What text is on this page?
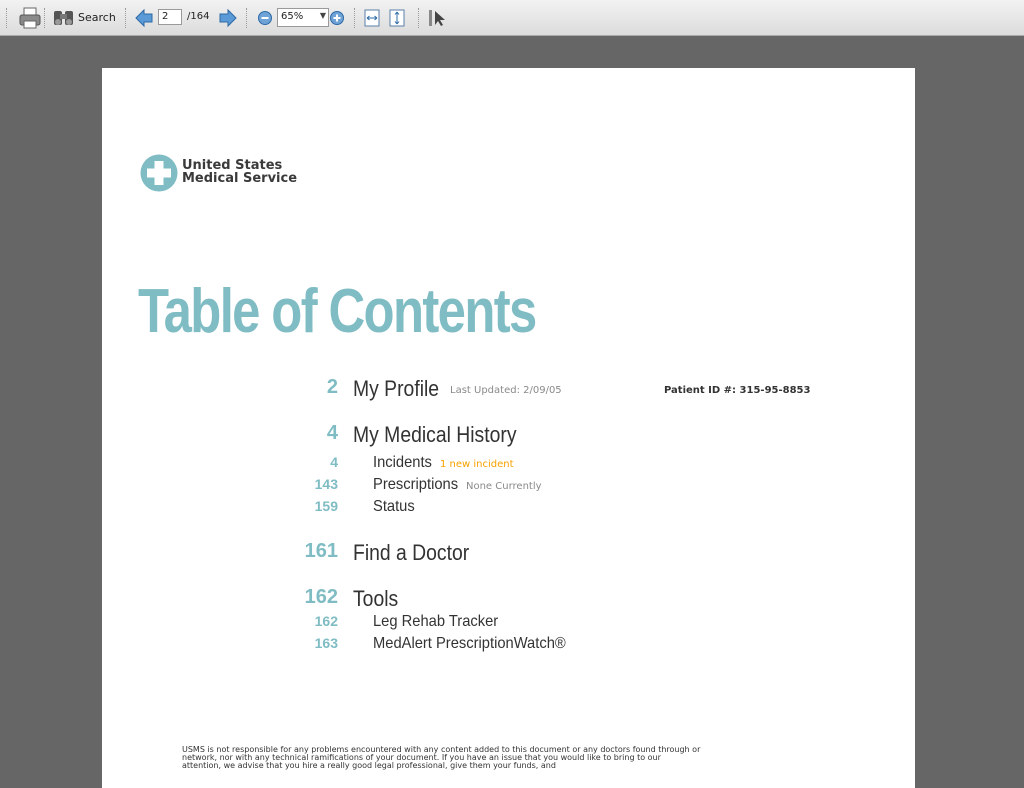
Search	2	/164	65% ▼
United States
Medical Service
Table of Contents
Patient ID #: 315-95-8853
2 My Profile Last Updated: 2/09/05
4 My Medical History
4 Incidents 1 new incident
143 Prescriptions None Currently
159 Status
161 Find a Doctor
162 Tools
162 Leg Rehab Tracker
163 MedAlert PrescriptionWatch®
USMS is not responsible for any problems encountered with any content added to this document or any doctors found through or network, nor with any technical ramifications of your document. If you have an issue that you would like to bring to our attention, we advise that you hire a really good legal professional, give them your funds, and
